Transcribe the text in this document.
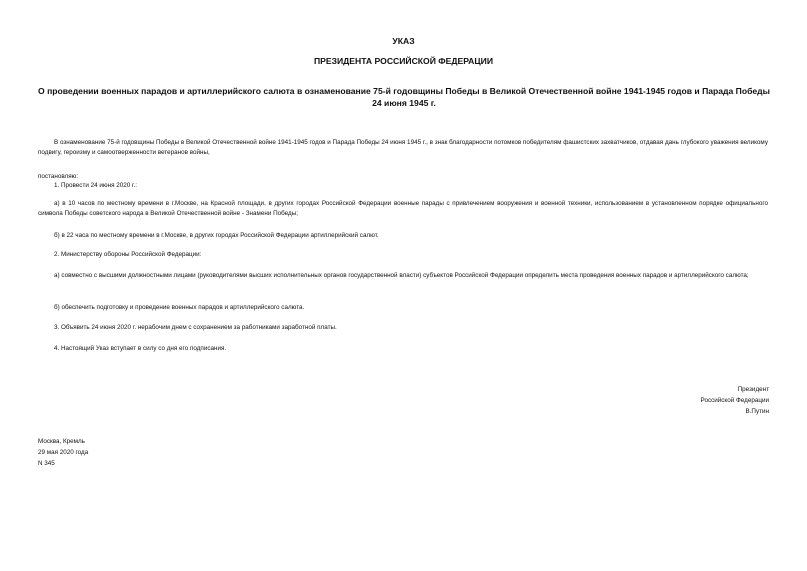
УКАЗ
ПРЕЗИДЕНТА РОССИЙСКОЙ ФЕДЕРАЦИИ
О проведении военных парадов и артиллерийского салюта в ознаменование 75-й годовщины Победы в Великой Отечественной войне 1941-1945 годов и Парада Победы 24 июня 1945 г.
В ознаменование 75-й годовщины Победы в Великой Отечественной войне 1941-1945 годов и Парада Победы 24 июня 1945 г., в знак благодарности потомков победителям фашистских захватчиков, отдавая дань глубокого уважения великому подвигу, героизму и самоотверженности ветеранов войны,
постановляю:
1. Провести 24 июня 2020 г.:
а) в 10 часов по местному времени в г.Москве, на Красной площади, в других городах Российской Федерации военные парады с привлечением вооружения и военной техники, использованием в установленном порядке официального символа Победы советского народа в Великой Отечественной войне - Знамени Победы;
б) в 22 часа по местному времени в г.Москве, в других городах Российской Федерации артиллерийский салют.
2. Министерству обороны Российской Федерации:
а) совместно с высшими должностными лицами (руководителями высших исполнительных органов государственной власти) субъектов Российской Федерации определить места проведения военных парадов и артиллерийского салюта;
б) обеспечить подготовку и проведение военных парадов и артиллерийского салюта.
3. Объявить 24 июня 2020 г. нерабочим днем с сохранением за работниками заработной платы.
4. Настоящий Указ вступает в силу со дня его подписания.
Президент
Российской Федерации
В.Путин
Москва, Кремль
29 мая 2020 года
N 345
